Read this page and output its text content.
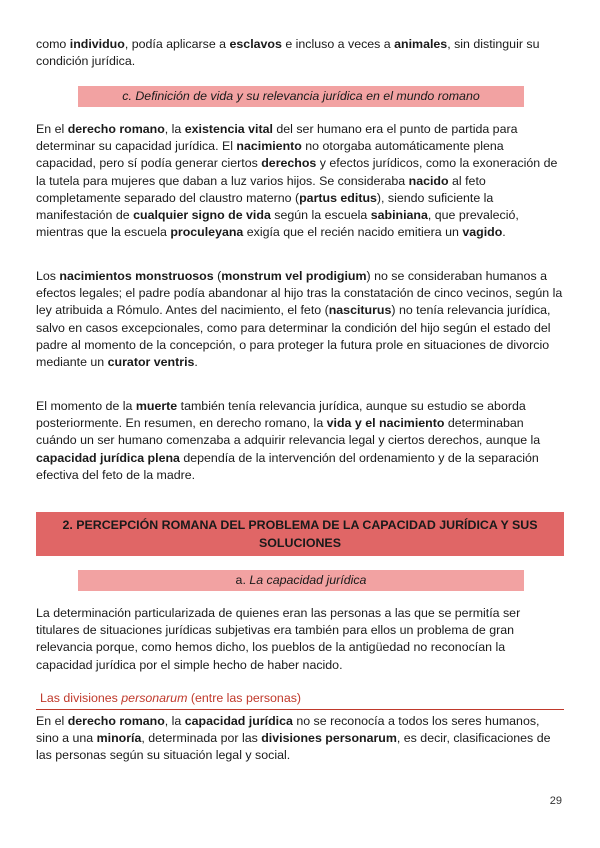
como individuo, podía aplicarse a esclavos e incluso a veces a animales, sin distinguir su condición jurídica.

c. Definición de vida y su relevancia jurídica en el mundo romano

En el derecho romano, la existencia vital del ser humano era el punto de partida para determinar su capacidad jurídica. El nacimiento no otorgaba automáticamente plena capacidad, pero sí podía generar ciertos derechos y efectos jurídicos, como la exoneración de la tutela para mujeres que daban a luz varios hijos. Se consideraba nacido al feto completamente separado del claustro materno (partus editus), siendo suficiente la manifestación de cualquier signo de vida según la escuela sabiniana, que prevaleció, mientras que la escuela proculeyana exigía que el recién nacido emitiera un vagido.

Los nacimientos monstruosos (monstrum vel prodigium) no se consideraban humanos a efectos legales; el padre podía abandonar al hijo tras la constatación de cinco vecinos, según la ley atribuida a Rómulo. Antes del nacimiento, el feto (nasciturus) no tenía relevancia jurídica, salvo en casos excepcionales, como para determinar la condición del hijo según el estado del padre al momento de la concepción, o para proteger la futura prole en situaciones de divorcio mediante un curator ventris.

El momento de la muerte también tenía relevancia jurídica, aunque su estudio se aborda posteriormente. En resumen, en derecho romano, la vida y el nacimiento determinaban cuándo un ser humano comenzaba a adquirir relevancia legal y ciertos derechos, aunque la capacidad jurídica plena dependía de la intervención del ordenamiento y de la separación efectiva del feto de la madre.

2. PERCEPCIÓN ROMANA DEL PROBLEMA DE LA CAPACIDAD JURÍDICA Y SUS SOLUCIONES
a. La capacidad jurídica

La determinación particularizada de quienes eran las personas a las que se permitía ser titulares de situaciones jurídicas subjetivas era también para ellos un problema de gran relevancia porque, como hemos dicho, los pueblos de la antigüedad no reconocían la capacidad jurídica por el simple hecho de haber nacido.

Las divisiones personarum (entre las personas)

En el derecho romano, la capacidad jurídica no se reconocía a todos los seres humanos, sino a una minoría, determinada por las divisiones personarum, es decir, clasificaciones de las personas según su situación legal y social.

29
